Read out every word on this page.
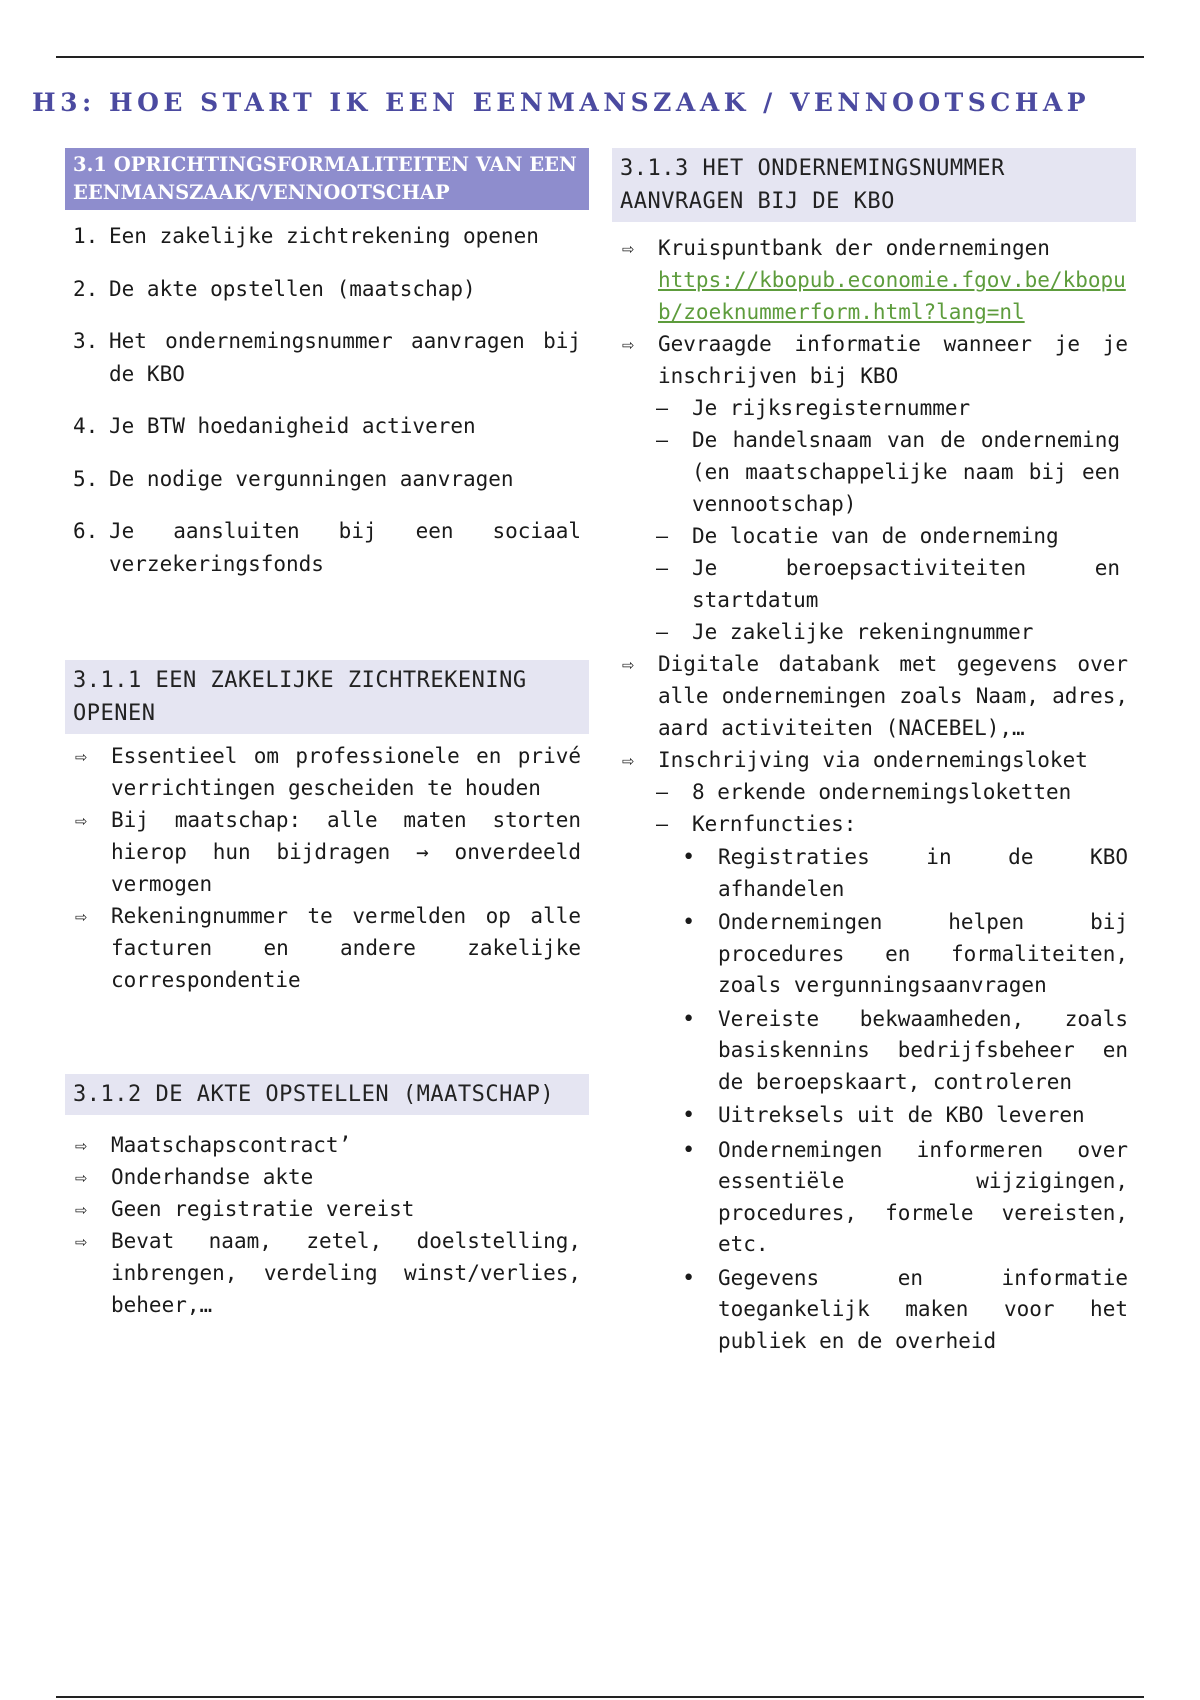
H3: HOE START IK EEN EENMANSZAAK / VENNOOTSCHAP
3.1 OPRICHTINGSFORMALITEITEN VAN EEN EENMANSZAAK/VENNOOTSCHAP
1. Een zakelijke zichtrekening openen
2. De akte opstellen (maatschap)
3. Het ondernemingsnummer aanvragen bij de KBO
4. Je BTW hoedanigheid activeren
5. De nodige vergunningen aanvragen
6. Je aansluiten bij een sociaal verzekeringsfonds
3.1.1 EEN ZAKELIJKE ZICHTREKENING OPENEN
⇨	Essentieel om professionele en privé verrichtingen gescheiden te houden
⇨	Bij maatschap: alle maten storten hierop hun bijdragen → onverdeeld vermogen
⇨	Rekeningnummer te vermelden op alle facturen en andere zakelijke correspondentie
3.1.2 DE AKTE OPSTELLEN (MAATSCHAP)
⇨	Maatschapscontract’
⇨	Onderhandse akte
⇨	Geen registratie vereist
⇨	Bevat naam, zetel, doelstelling, inbrengen, verdeling winst/verlies, beheer,…
3.1.3 HET ONDERNEMINGSNUMMER AANVRAGEN BIJ DE KBO
⇨	Kruispuntbank der ondernemingen
https://kbopub.economie.fgov.be/kbopub/zoeknummerform.html?lang=nl
⇨	Gevraagde informatie wanneer je je inschrijven bij KBO
–	Je rijksregisternummer
–	De handelsnaam van de onderneming (en maatschappelijke naam bij een vennootschap)
–	De locatie van de onderneming
–	Je beroepsactiviteiten en startdatum
–	Je zakelijke rekeningnummer
⇨	Digitale databank met gegevens over alle ondernemingen zoals Naam, adres, aard activiteiten (NACEBEL),…
⇨	Inschrijving via ondernemingsloket
–	8 erkende ondernemingsloketten
–	Kernfuncties:
•	Registraties in de KBO afhandelen
•	Ondernemingen helpen bij procedures en formaliteiten, zoals vergunningsaanvragen
•	Vereiste bekwaamheden, zoals basiskennins bedrijfsbeheer en de beroepskaart, controleren
•	Uitreksels uit de KBO leveren
•	Ondernemingen informeren over essentiële wijzigingen, procedures, formele vereisten, etc.
•	Gegevens en informatie toegankelijk maken voor het publiek en de overheid
